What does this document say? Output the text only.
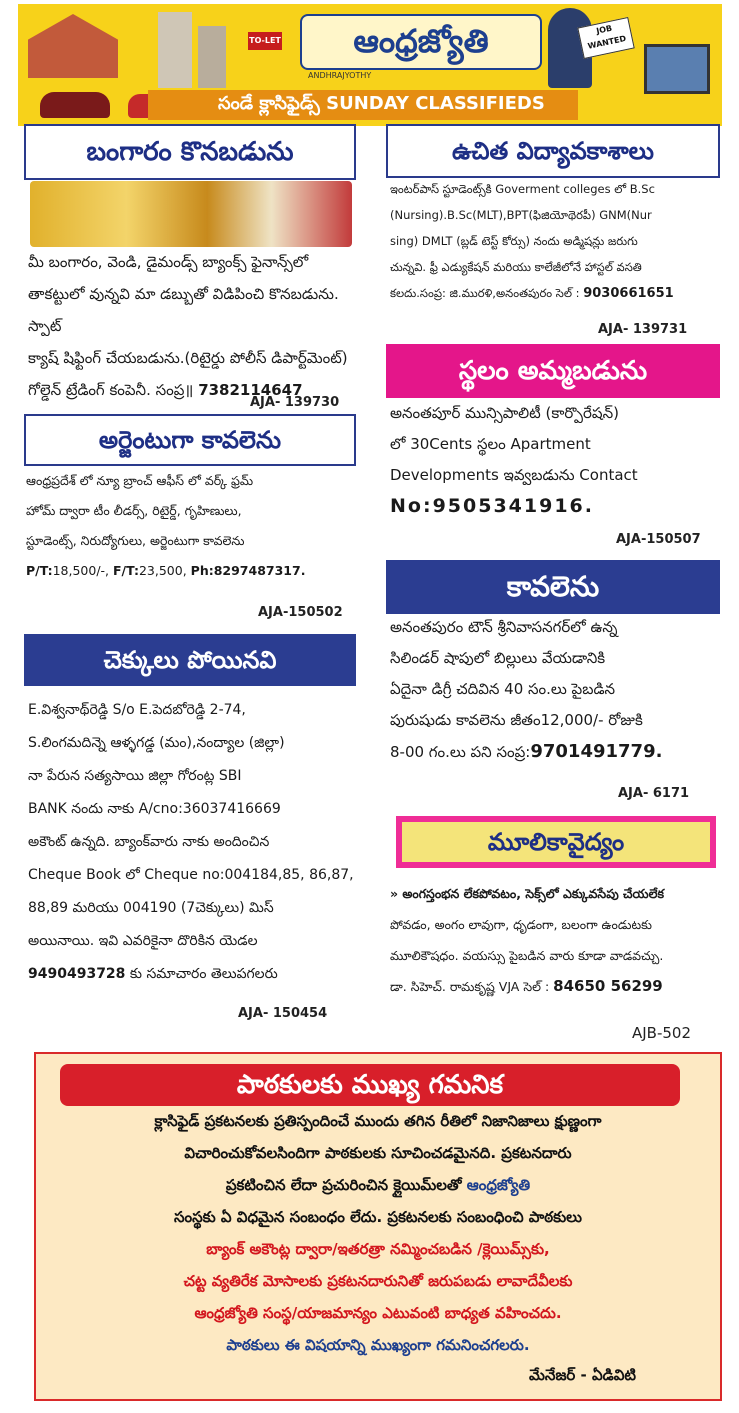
TO-LET	ఆంధ్రజ్యోతి
ANDHRAJYOTHY
JOB WANTED
సండే క్లాసిఫైడ్స్ SUNDAY CLASSIFIEDS
బంగారం కొనబడును
మీ బంగారం, వెండి, డైమండ్స్ బ్యాంక్స్ ఫైనాన్స్‌లో
తాకట్టులో వున్నవి మా డబ్బుతో విడిపించి కొనబడును. స్పాట్
క్యాష్ షిఫ్టింగ్ చేయబడును.(రిటైర్డు పోలీస్ డిపార్ట్‌మెంట్)
గోల్డెన్ ట్రేడింగ్ కంపెనీ. సంప్ర॥ 7382114647
AJA- 139730
అర్జెంటుగా కావలెను
ఆంధ్రప్రదేశ్ లో న్యూ బ్రాంచ్ ఆఫీస్ లో వర్క్ ఫ్రమ్
హోమ్ ద్వారా టీం లీడర్స్, రిటైర్డ్, గృహిణులు,
స్టూడెంట్స్, నిరుద్యోగులు, అర్జెంటుగా కావలెను
P/T:18,500/-, F/T:23,500, Ph:8297487317.
AJA-150502
చెక్కులు పోయినవి
E.విశ్వనాథ్‌రెడ్డి S/o E.పెదబోరెడ్డి 2-74,
S.లింగమదిన్నె ఆళ్ళగడ్డ (మం),నంద్యాల (జిల్లా)
నా పేరున సత్యసాయి జిల్లా గోరంట్ల SBI
BANK నందు నాకు A/cno:36037416669
అకౌంట్ ఉన్నది. బ్యాంక్‌వారు నాకు అందించిన
Cheque Book లో Cheque no:004184,85, 86,87,
88,89 మరియు 004190 (7చెక్కులు) మిస్
అయినాయి. ఇవి ఎవరికైనా దొరికిన యెడల
9490493728 కు సమాచారం తెలుపగలరు
AJA- 150454
ఉచిత విద్యావకాశాలు
ఇంటర్‌పాస్ స్టూడెంట్స్‌కి Goverment colleges లో B.Sc
(Nursing).B.Sc(MLT),BPT(ఫిజియోథెరపీ) GNM(Nur
sing) DMLT (బ్లడ్ టెస్ట్ కోర్సు) నందు అడ్మిషన్లు జరుగు
చున్నవి. ఫ్రీ ఎడ్యుకేషన్ మరియు కాలేజీలోనే హాస్టల్ వసతి
కలదు.సంప్ర: జి.మురళి,అనంతపురం సెల్ : 9030661651
AJA- 139731
స్థలం అమ్మబడును
అనంతపూర్ మున్సిపాలిటీ (కార్పొరేషన్)
లో 30Cents స్థలం Apartment
Developments ఇవ్వబడును Contact
No:9505341916.
AJA-150507
కావలెను
అనంతపురం టౌన్ శ్రీనివాసనగర్‌లో ఉన్న
సిలిండర్ షాపులో బిల్లులు వేయడానికి
ఏదైనా డిగ్రీ చదివిన 40 సం.లు పైబడిన
పురుషుడు కావలెను జీతం12,000/- రోజుకి
8-00 గం.లు పని సంప్ర:9701491779.
AJA- 6171
మూలికావైద్యం
» అంగస్తంభన లేకపోవటం, సెక్స్‌లో ఎక్కువసేపు చేయలేక
పోవడం, అంగం లావుగా, ధృడంగా, బలంగా ఉండుటకు
మూలికౌషధం. వయస్సు పైబడిన వారు కూడా వాడవచ్చు.
డా. సిహెచ్. రామకృష్ణ VJA సెల్ : 84650 56299
AJB-502
పాఠకులకు ముఖ్య గమనిక
క్లాసిఫైడ్ ప్రకటనలకు ప్రతిస్పందించే ముందు తగిన రీతిలో నిజానిజాలు క్షుణ్ణంగా
విచారించుకోవలసిందిగా పాఠకులకు సూచించడమైనది. ప్రకటనదారు
ప్రకటించిన లేదా ప్రచురించిన క్లైయిమ్‌లతో ఆంధ్రజ్యోతి
సంస్థకు ఏ విధమైన సంబంధం లేదు. ప్రకటనలకు సంబంధించి పాఠకులు
బ్యాంక్ అకౌంట్ల ద్వారా/ఇతరత్రా నమ్మించబడిన /క్లెయిమ్స్‌కు,
చట్ట వ్యతిరేక మోసాలకు ప్రకటనదారునితో జరుపబడు లావాదేవీలకు
ఆంధ్రజ్యోతి సంస్థ/యాజమాన్యం ఎటువంటి బాధ్యత వహించదు.
పాఠకులు ఈ విషయాన్ని ముఖ్యంగా గమనించగలరు.
మేనేజర్ - ఏడివిటి
